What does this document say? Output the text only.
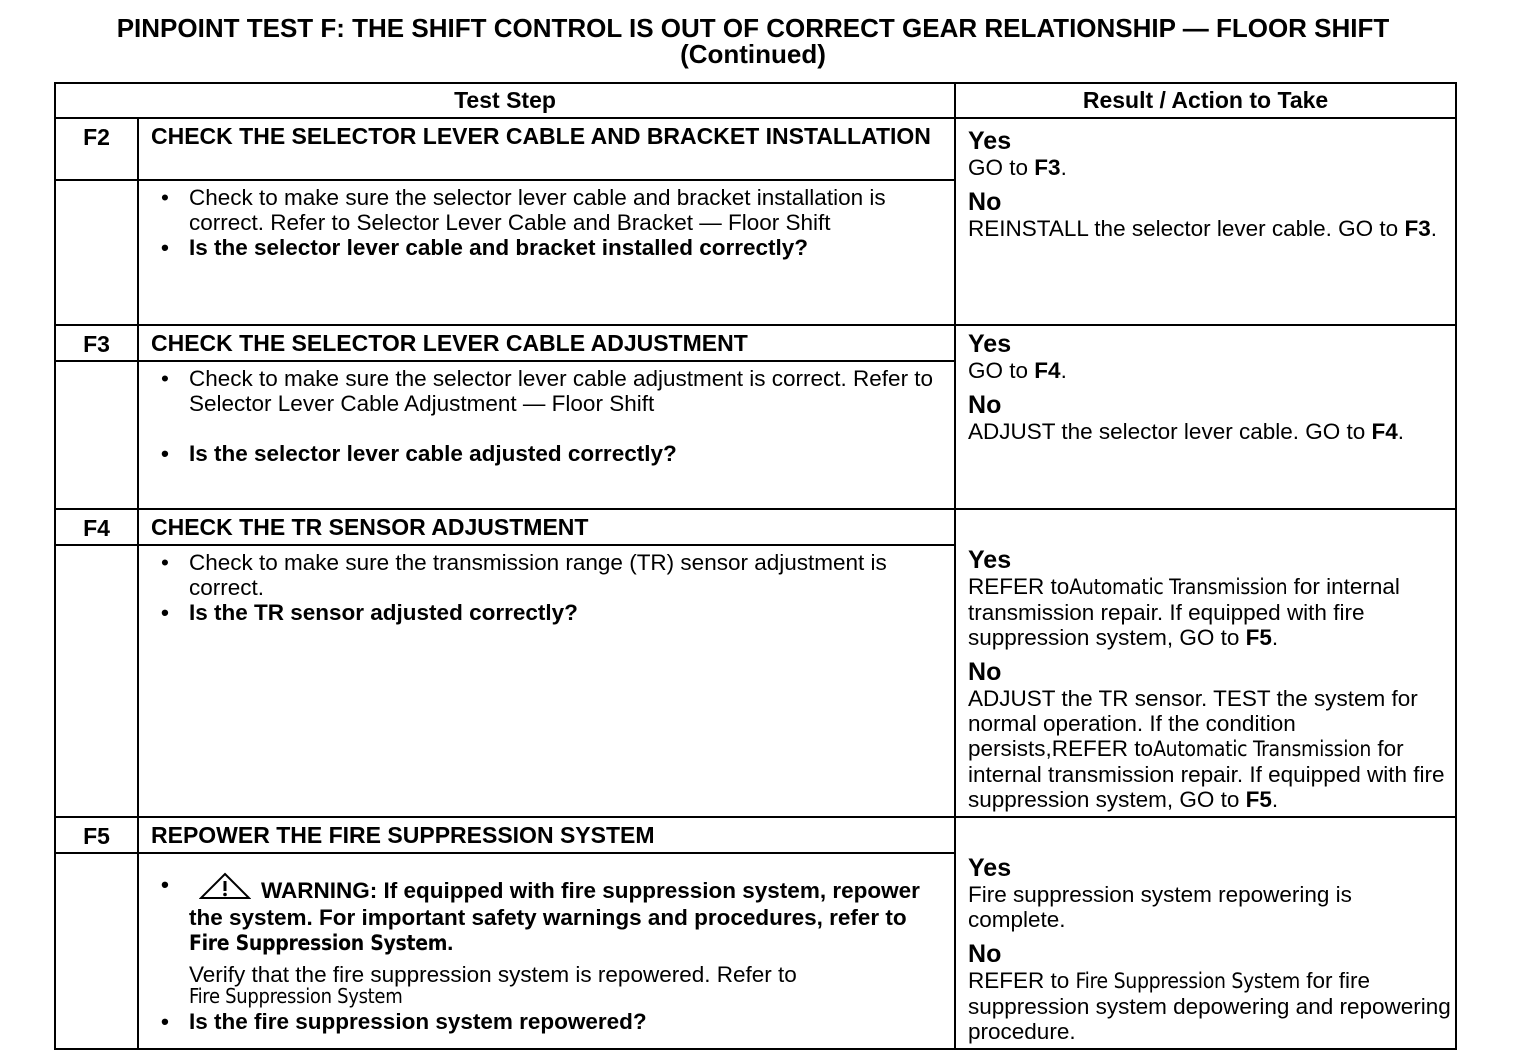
PINPOINT TEST F: THE SHIFT CONTROL IS OUT OF CORRECT GEAR RELATIONSHIP — FLOOR SHIFT
(Continued)
Test Step		Result / Action to Take
F2	CHECK THE SELECTOR LEVER CABLE AND BRACKET INSTALLATION	Yes
GO to F3.
No
REINSTALL the selector lever cable. GO to F3.

	• Check to make sure the selector lever cable and bracket installation is correct. Refer to Selector Lever Cable and Bracket — Floor Shift
• Is the selector lever cable and bracket installed correctly?

F3	CHECK THE SELECTOR LEVER CABLE ADJUSTMENT	Yes
GO to F4.
No
ADJUST the selector lever cable. GO to F4.

	• Check to make sure the selector lever cable adjustment is correct. Refer to Selector Lever Cable Adjustment — Floor Shift
• Is the selector lever cable adjusted correctly?

F4	CHECK THE TR SENSOR ADJUSTMENT	Yes
REFER toAutomatic Transmission for internal transmission repair. If equipped with fire suppression system, GO to F5.
No
ADJUST the TR sensor. TEST the system for normal operation. If the condition persists,REFER toAutomatic Transmission for internal transmission repair. If equipped with fire suppression system, GO to F5.

	• Check to make sure the transmission range (TR) sensor adjustment is correct.
• Is the TR sensor adjusted correctly?

F5	REPOWER THE FIRE SUPPRESSION SYSTEM	Yes
Fire suppression system repowering is complete.
No
REFER to Fire Suppression System for fire suppression system depowering and repowering procedure.

	• WARNING: If equipped with fire suppression system, repower the system. For important safety warnings and procedures, refer to Fire Suppression System.
Verify that the fire suppression system is repowered. Refer to
Fire Suppression System
• Is the fire suppression system repowered?
